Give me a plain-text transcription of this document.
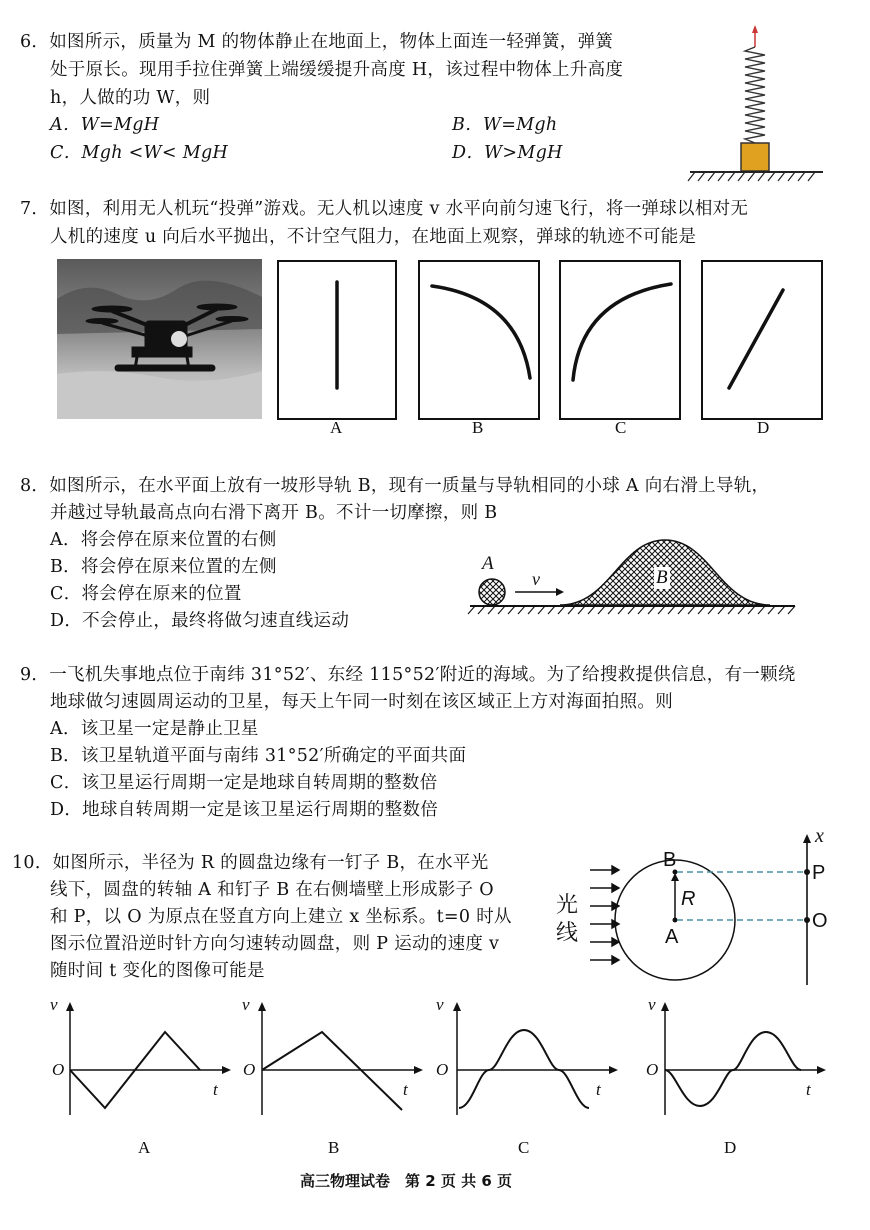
6．如图所示，质量为 M 的物体静止在地面上，物体上面连一轻弹簧，弹簧
处于原长。现用手拉住弹簧上端缓缓提升高度 H，该过程中物体上升高度
h，人做的功 W，则
A．W=MgH	B．W=Mgh
C．Mgh <W< MgH	D．W>MgH
7．如图，利用无人机玩“投弹”游戏。无人机以速度 v 水平向前匀速飞行，将一弹球以相对无
人机的速度 u 向后水平抛出，不计空气阻力，在地面上观察，弹球的轨迹不可能是
A	B	C	D
8．如图所示，在水平面上放有一坡形导轨 B，现有一质量与导轨相同的小球 A 向右滑上导轨，
并越过导轨最高点向右滑下离开 B。不计一切摩擦，则 B
A．将会停在原来位置的右侧
B．将会停在原来位置的左侧
C．将会停在原来的位置
D．不会停止，最终将做匀速直线运动
A
v	B
9．一飞机失事地点位于南纬 31°52′、东经 115°52′附近的海域。为了给搜救提供信息，有一颗绕
地球做匀速圆周运动的卫星，每天上午同一时刻在该区域正上方对海面拍照。则
A．该卫星一定是静止卫星
B．该卫星轨道平面与南纬 31°52′所确定的平面共面
C．该卫星运行周期一定是地球自转周期的整数倍
D．地球自转周期一定是该卫星运行周期的整数倍
10．如图所示，半径为 R 的圆盘边缘有一钉子 B，在水平光
线下，圆盘的转轴 A 和钉子 B 在右侧墙壁上形成影子 O
和 P，以 O 为原点在竖直方向上建立 x 坐标系。t=0 时从
图示位置沿逆时针方向匀速转动圆盘，则 P 运动的速度 v
随时间 t 变化的图像可能是
光线
B
R
A
P
O
x
v
O
t
v
O
t
v
O
t
v
O
t
A	B	C	D
高三物理试卷　第 2 页 共 6 页
